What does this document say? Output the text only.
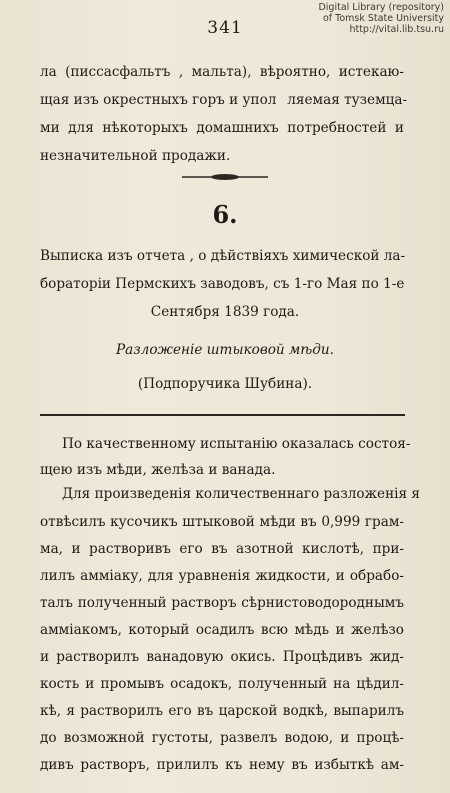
Digital Library (repository)
of Tomsk State University
http://vital.lib.tsu.ru
341
ла (писсасфальтъ , мальта), вѣроятно, истекаю-
щая изъ окрестныхъ горъ и уполляемая туземца-
ми для нѣкоторыхъ домашнихъ потребностей и
незначительной продажи.
6.
Выписка изъ отчета , о дѣйствіяхъ химической ла-
бораторіи Пермскихъ заводовъ, съ 1-го Мая по 1-е
Сентября 1839 года.
Разложеніе штыковой мѣди.
(Подпоручика Шубина).
По качественному испытанію оказалась состоя-
щею изъ мѣди, желѣза и ванада.
Для произведенія количественнаго разложенія я
отвѣсилъ кусочикъ штыковой мѣди въ 0,999 грам-
ма, и растворивъ его въ азотной кислотѣ, при-
лилъ аммiаку, для уравненія жидкости, и обрабо-
талъ полученный растворъ сѣрнистоводороднымъ
аммiакомъ, который осадилъ всю мѣдь и желѣзо
и растворилъ ванадовую окись. Процѣдивъ жид-
кость и промывъ осадокъ, полученный на цѣдил-
кѣ, я растворилъ его въ царской водкѣ, выпарилъ
до возможной густоты, развелъ водою, и процѣ-
дивъ растворъ, прилилъ къ нему въ избыткѣ ам-
